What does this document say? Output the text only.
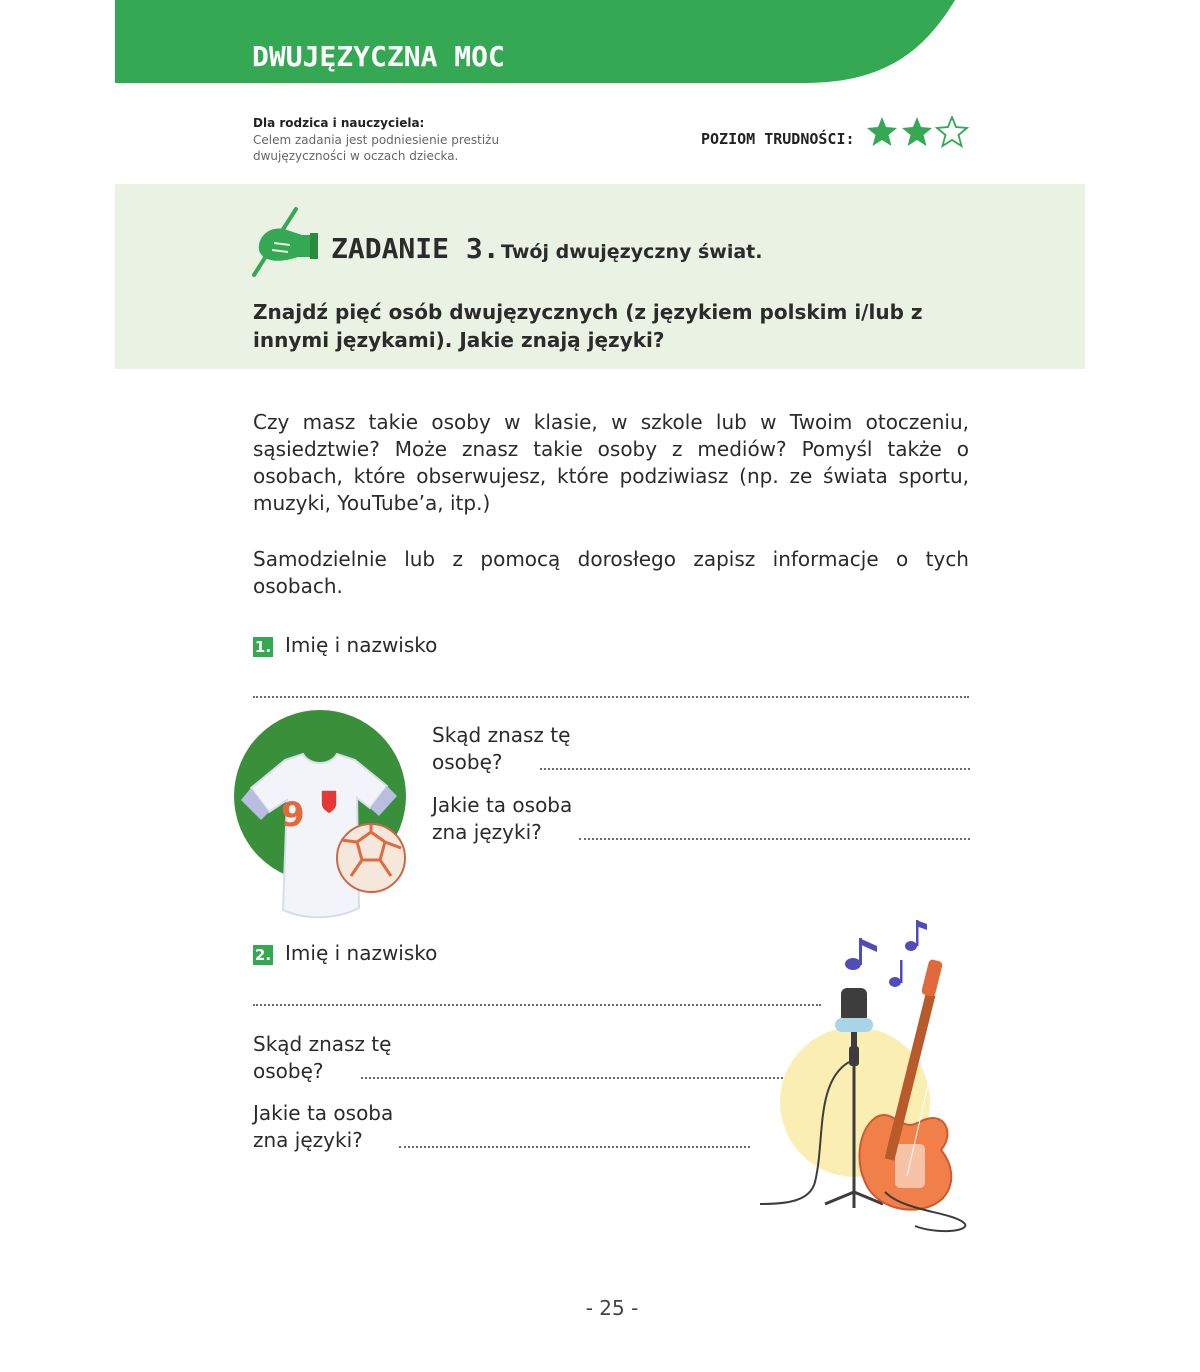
DWUJĘZYCZNA MOC
Dla rodzica i nauczyciela:
Celem zadania jest podniesienie prestiżu dwujęzyczności w oczach dziecka.
POZIOM TRUDNOŚCI:
ZADANIE 3. Twój dwujęzyczny świat.
Znajdź pięć osób dwujęzycznych (z językiem polskim i/lub z innymi językami). Jakie znają języki?
Czy masz takie osoby w klasie, w szkole lub w Twoim otoczeniu, sąsiedztwie? Może znasz takie osoby z mediów? Pomyśl także o osobach, które obserwujesz, które podziwiasz (np. ze świata sportu, muzyki, YouTube’a, itp.)
Samodzielnie lub z pomocą dorosłego zapisz informacje o tych osobach.
1. Imię i nazwisko
9
Skąd znasz tę
osobę?
Jakie ta osoba
zna języki?
2. Imię i nazwisko
Skąd znasz tę
osobę?
Jakie ta osoba
zna języki?
- 25 -
